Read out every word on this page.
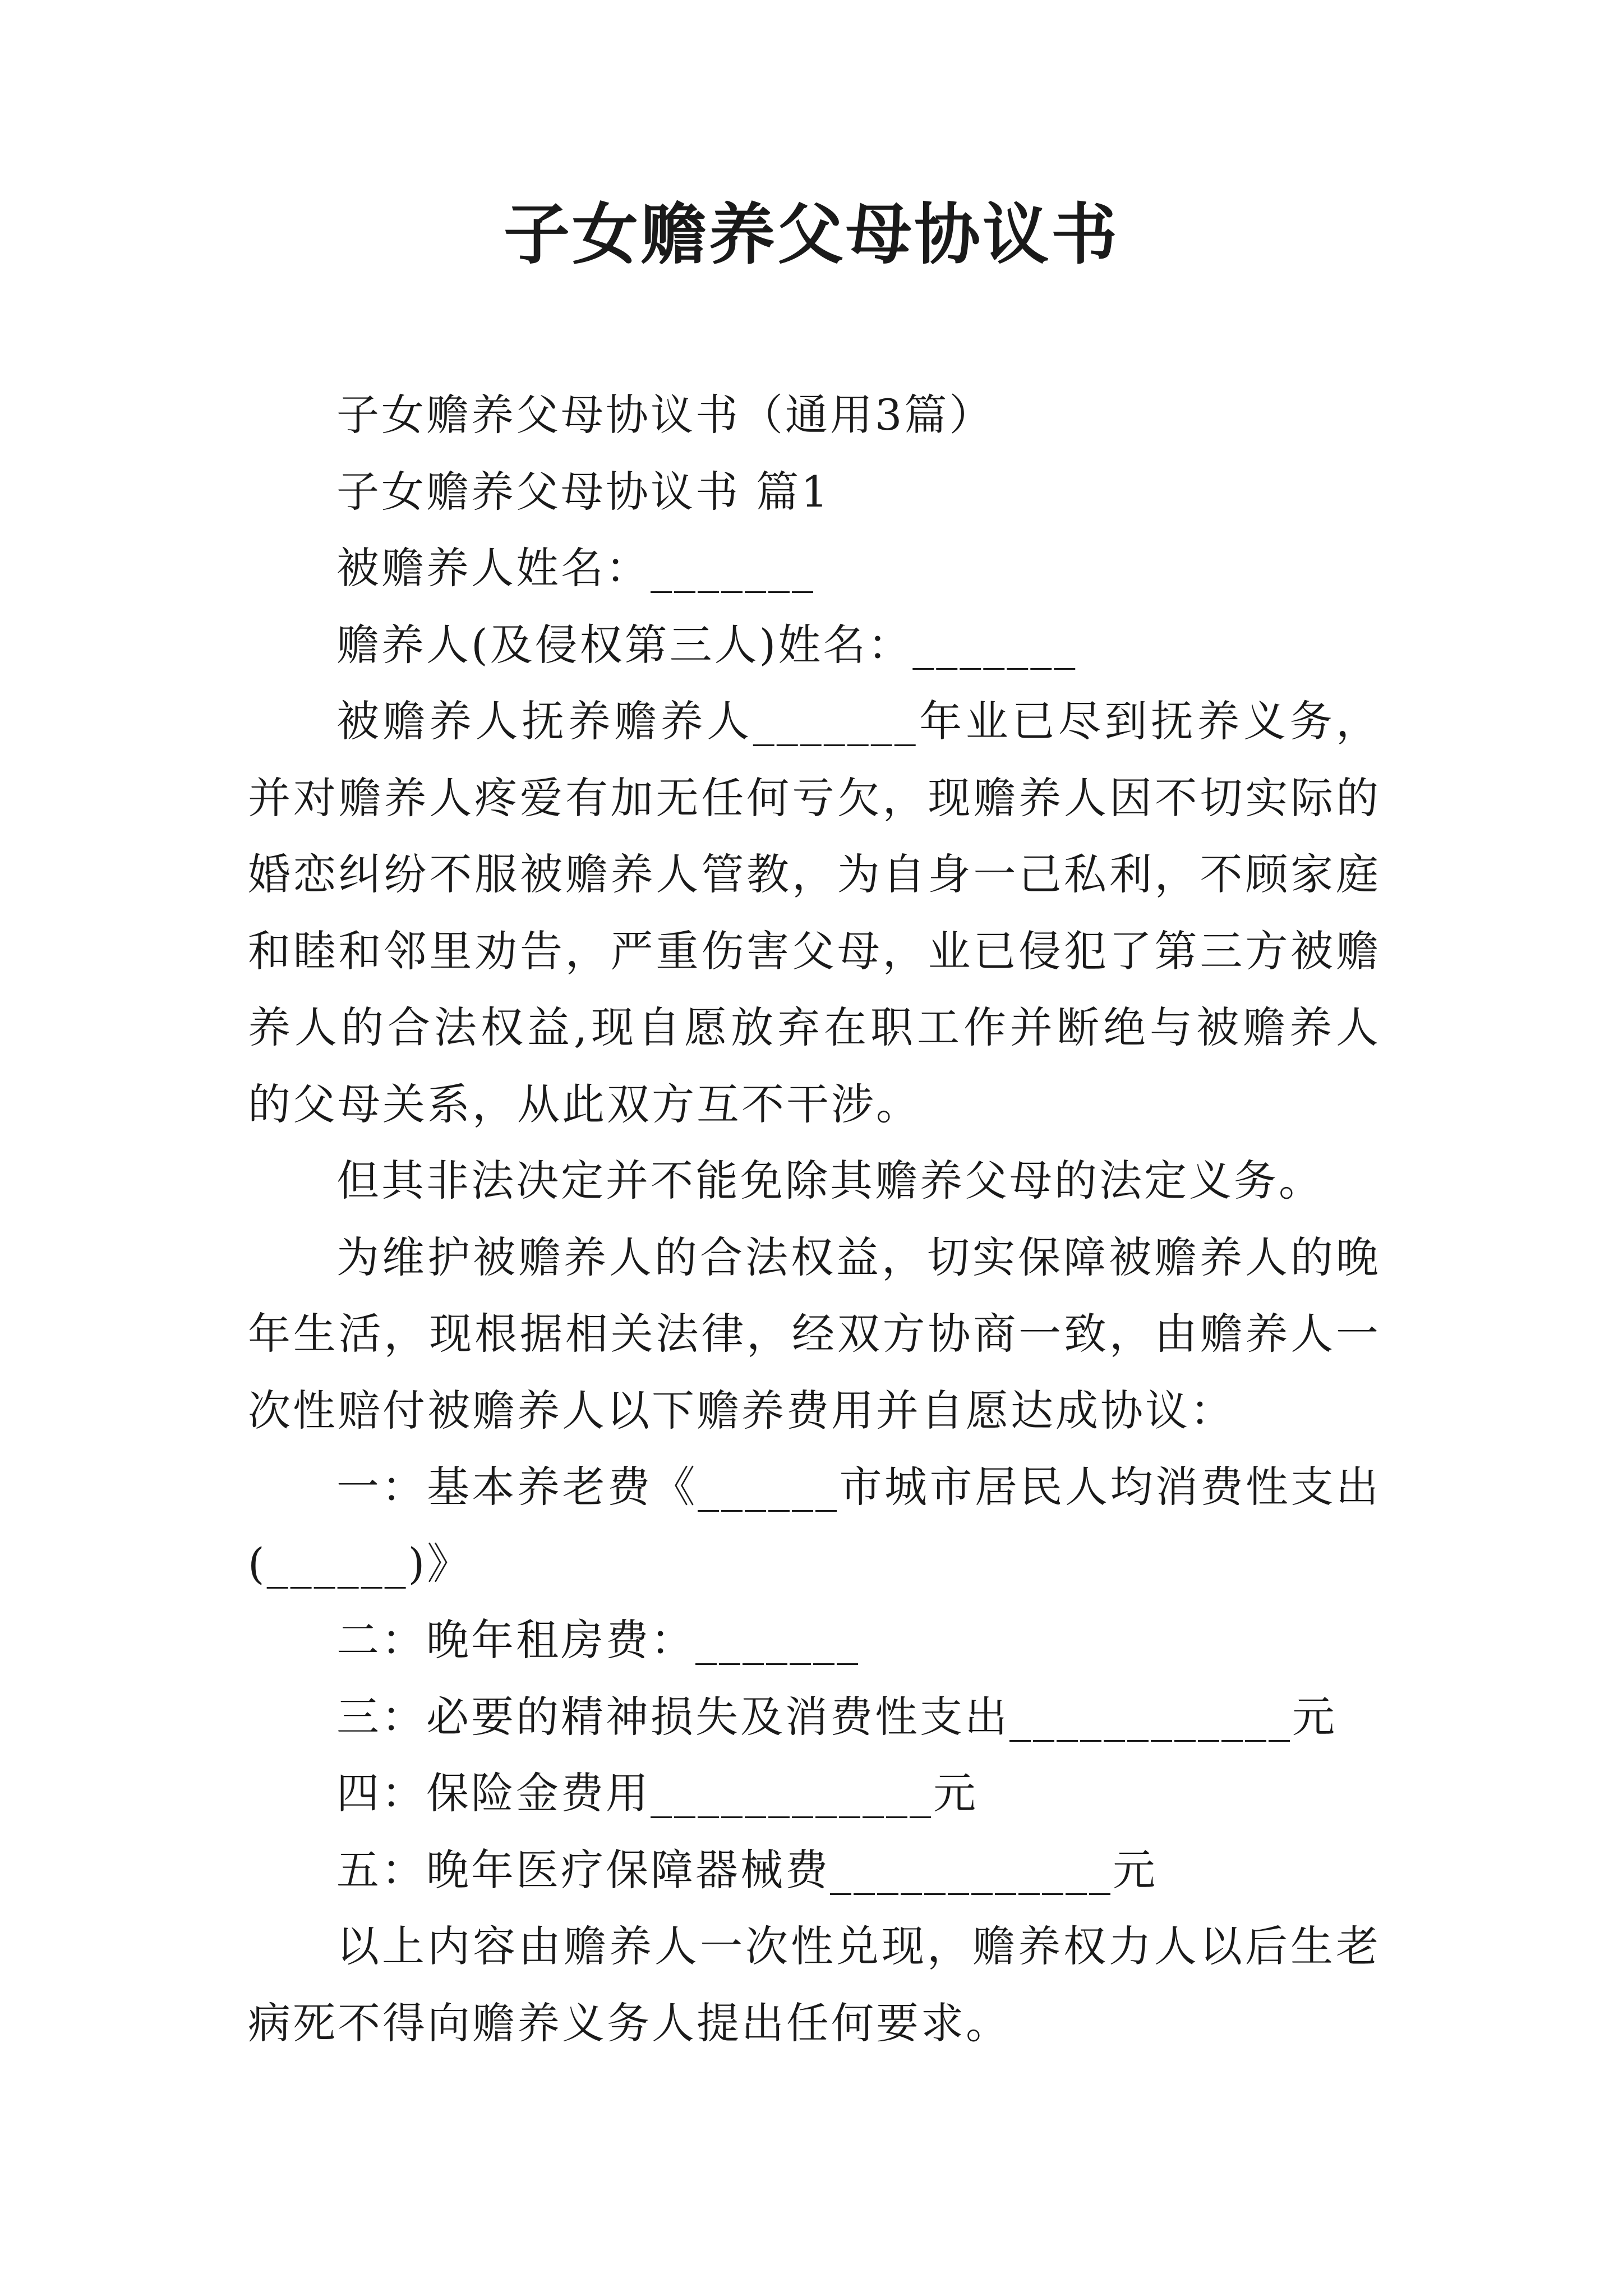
子女赡养父母协议书

子女赡养父母协议书（通用3篇）

子女赡养父母协议书 篇1

被赡养人姓名：_______

赡养人(及侵权第三人)姓名：_______

被赡养人抚养赡养人_______年业已尽到抚养义务，并对赡养人疼爱有加无任何亏欠，现赡养人因不切实际的婚恋纠纷不服被赡养人管教，为自身一己私利，不顾家庭和睦和邻里劝告，严重伤害父母，业已侵犯了第三方被赡养人的合法权益,现自愿放弃在职工作并断绝与被赡养人的父母关系，从此双方互不干涉。

但其非法决定并不能免除其赡养父母的法定义务。

为维护被赡养人的合法权益，切实保障被赡养人的晚年生活，现根据相关法律，经双方协商一致，由赡养人一次性赔付被赡养人以下赡养费用并自愿达成协议：

一：基本养老费《______市城市居民人均消费性支出(______)》

二：晚年租房费：_______

三：必要的精神损失及消费性支出____________元

四：保险金费用____________元

五：晚年医疗保障器械费____________元

以上内容由赡养人一次性兑现，赡养权力人以后生老病死不得向赡养义务人提出任何要求。
